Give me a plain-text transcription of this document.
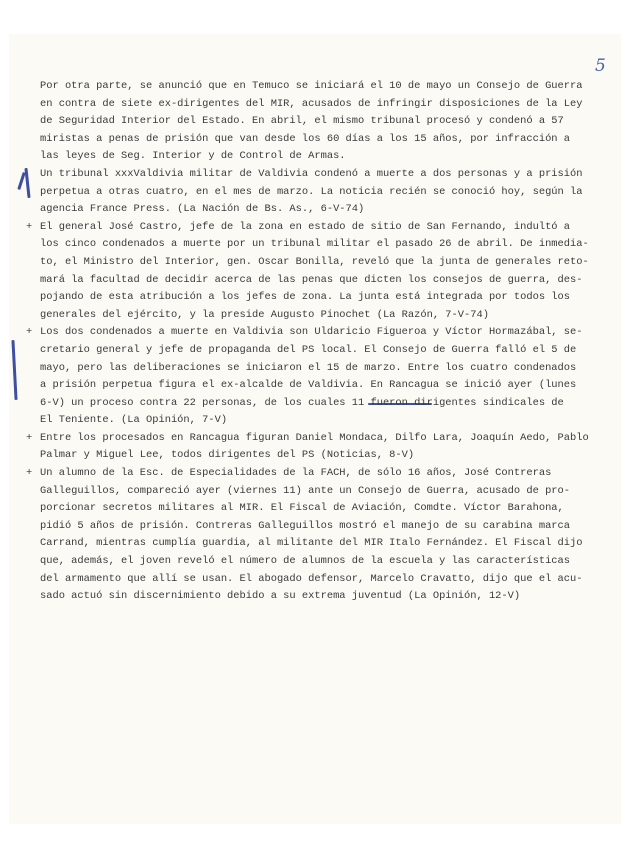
5
Por otra parte, se anunció que en Temuco se iniciará el 10 de mayo un Consejo de Guerra
en contra de siete ex-dirigentes del MIR, acusados de infringir disposiciones de la Ley
de Seguridad Interior del Estado. En abril, el mismo tribunal procesó y condenó a 57
miristas a penas de prisión que van desde los 60 días a los 15 años, por infracción a
las leyes de Seg. Interior y de Control de Armas.
Un tribunal xxxValdivia militar de Valdivia condenó a muerte a dos personas y a prisión
perpetua a otras cuatro, en el mes de marzo. La noticia recién se conoció hoy, según la
agencia France Press. (La Nación de Bs. As., 6-V-74)
+ El general José Castro, jefe de la zona en estado de sitio de San Fernando, indultó a
los cinco condenados a muerte por un tribunal militar el pasado 26 de abril. De inmedia-
to, el Ministro del Interior, gen. Oscar Bonilla, reveló que la junta de generales reto-
mará la facultad de decidir acerca de las penas que dicten los consejos de guerra, des-
pojando de esta atribución a los jefes de zona. La junta está integrada por todos los
generales del ejército, y la preside Augusto Pinochet (La Razón, 7-V-74)
+ Los dos condenados a muerte en Valdivia son Uldaricio Figueroa y Víctor Hormazábal, se-
cretario general y jefe de propaganda del PS local. El Consejo de Guerra falló el 5 de
mayo, pero las deliberaciones se iniciaron el 15 de marzo. Entre los cuatro condenados
a prisión perpetua figura el ex-alcalde de Valdivia. En Rancagua se inició ayer (lunes
6-V) un proceso contra 22 personas, de los cuales 11 fueron dirigentes sindicales de
El Teniente. (La Opinión, 7-V)
+ Entre los procesados en Rancagua figuran Daniel Mondaca, Dilfo Lara, Joaquín Aedo, Pablo
Palmar y Miguel Lee, todos dirigentes del PS (Noticias, 8-V)
+ Un alumno de la Esc. de Especialidades de la FACH, de sólo 16 años, José Contreras
Galleguillos, compareció ayer (viernes 11) ante un Consejo de Guerra, acusado de pro-
porcionar secretos militares al MIR. El Fiscal de Aviación, Comdte. Víctor Barahona,
pidió 5 años de prisión. Contreras Galleguillos mostró el manejo de su carabina marca
Carrand, mientras cumplía guardia, al militante del MIR Italo Fernández. El Fiscal dijo
que, además, el joven reveló el número de alumnos de la escuela y las características
del armamento que allí se usan. El abogado defensor, Marcelo Cravatto, dijo que el acu-
sado actuó sin discernimiento debido a su extrema juventud (La Opinión, 12-V)
